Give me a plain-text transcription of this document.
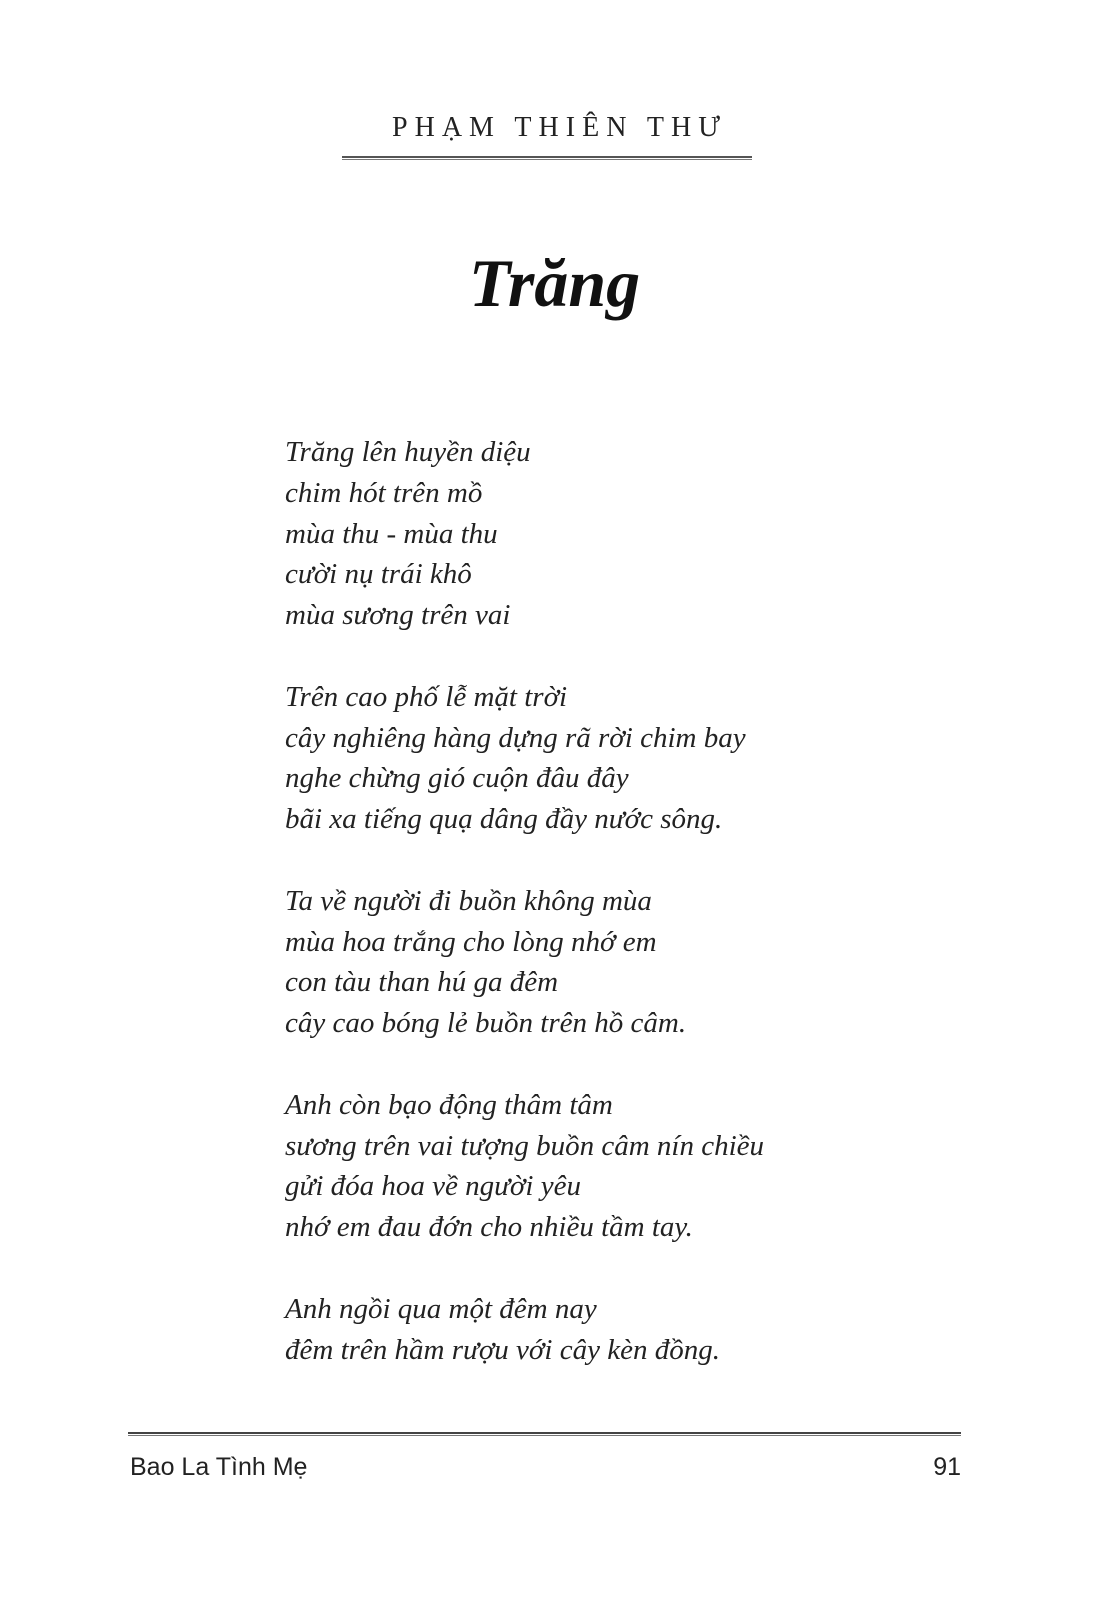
PHẠM THIÊN THƯ
Trăng

Trăng lên huyền diệu
chim hót trên mồ
mùa thu - mùa thu
cười nụ trái khô
mùa sương trên vai

Trên cao phố lễ mặt trời
cây nghiêng hàng dựng rã rời chim bay
nghe chừng gió cuộn đâu đây
bãi xa tiếng quạ dâng đầy nước sông.

Ta về người đi buồn không mùa
mùa hoa trắng cho lòng nhớ em
con tàu than hú ga đêm
cây cao bóng lẻ buồn trên hồ câm.

Anh còn bạo động thâm tâm
sương trên vai tượng buồn câm nín chiều
gửi đóa hoa về người yêu
nhớ em đau đớn cho nhiều tầm tay.

Anh ngồi qua một đêm nay
đêm trên hầm rượu với cây kèn đồng.

Bao La Tình Mẹ	91
